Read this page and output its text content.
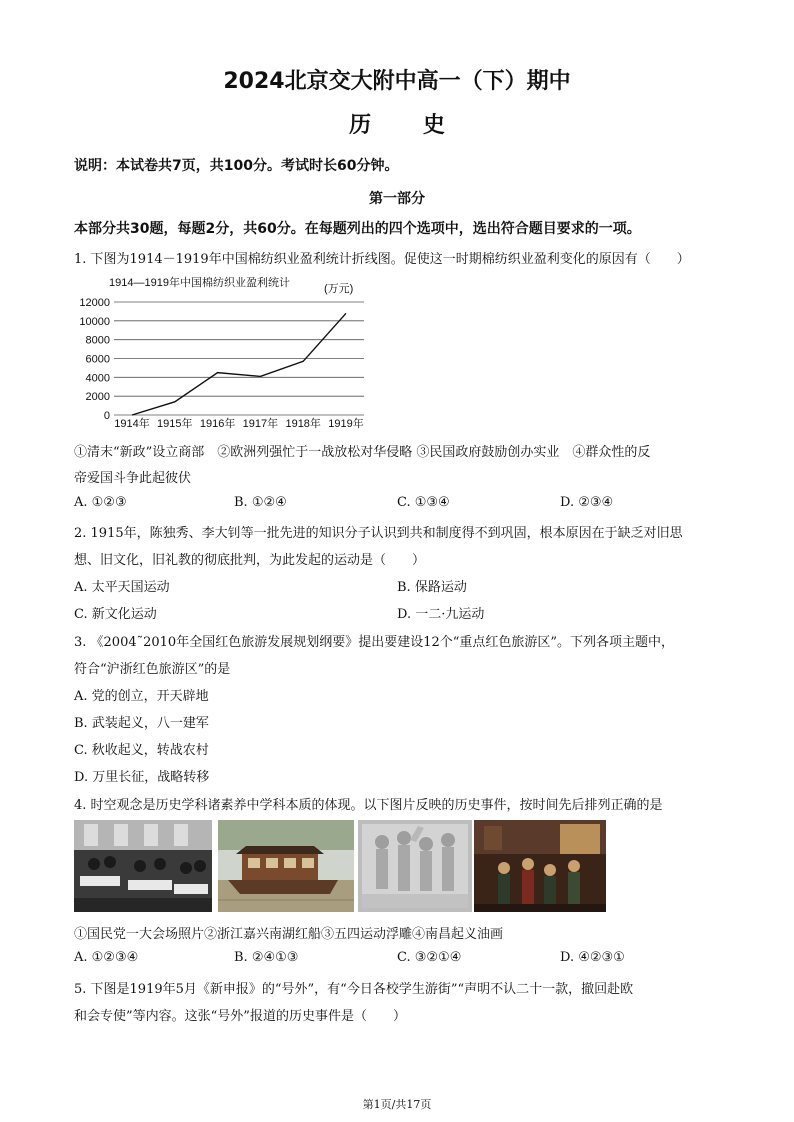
2024北京交大附中高一（下）期中
历 史
说明：本试卷共7页，共100分。考试时长60分钟。
第一部分
本部分共30题，每题2分，共60分。在每题列出的四个选项中，选出符合题目要求的一项。
1. 下图为1914－1919年中国棉纺织业盈利统计折线图。促使这一时期棉纺织业盈利变化的原因有（　　）
1914—1919年中国棉纺织业盈利统计	(万元)
0
2000
4000
6000
8000
10000
12000
1914年 1915年 1916年 1917年 1918年 1919年
①清末“新政”设立商部　②欧洲列强忙于一战放松对华侵略 ③民国政府鼓励创办实业　④群众性的反
帝爱国斗争此起彼伏
A. ①②③	B. ①②④	C. ①③④	D. ②③④
2. 1915年，陈独秀、李大钊等一批先进的知识分子认识到共和制度得不到巩固，根本原因在于缺乏对旧思
想、旧文化，旧礼教的彻底批判，为此发起的运动是（　　）
A. 太平天国运动	B. 保路运动
C. 新文化运动	D. 一二·九运动
3. 《2004˜2010年全国红色旅游发展规划纲要》提出要建设12个“重点红色旅游区”。下列各项主题中，
符合“沪浙红色旅游区”的是
A. 党的创立，开天辟地
B. 武装起义，八一建军
C. 秋收起义，转战农村
D. 万里长征，战略转移
4. 时空观念是历史学科诸素养中学科本质的体现。以下图片反映的历史事件，按时间先后排列正确的是
①国民党一大会场照片②浙江嘉兴南湖红船③五四运动浮雕④南昌起义油画
A. ①②③④	B. ②④①③	C. ③②①④	D. ④②③①
5. 下图是1919年5月《新申报》的“号外”，有“今日各校学生游街”“声明不认二十一款，撤回赴欧
和会专使”等内容。这张“号外”报道的历史事件是（　　）
第1页/共17页
